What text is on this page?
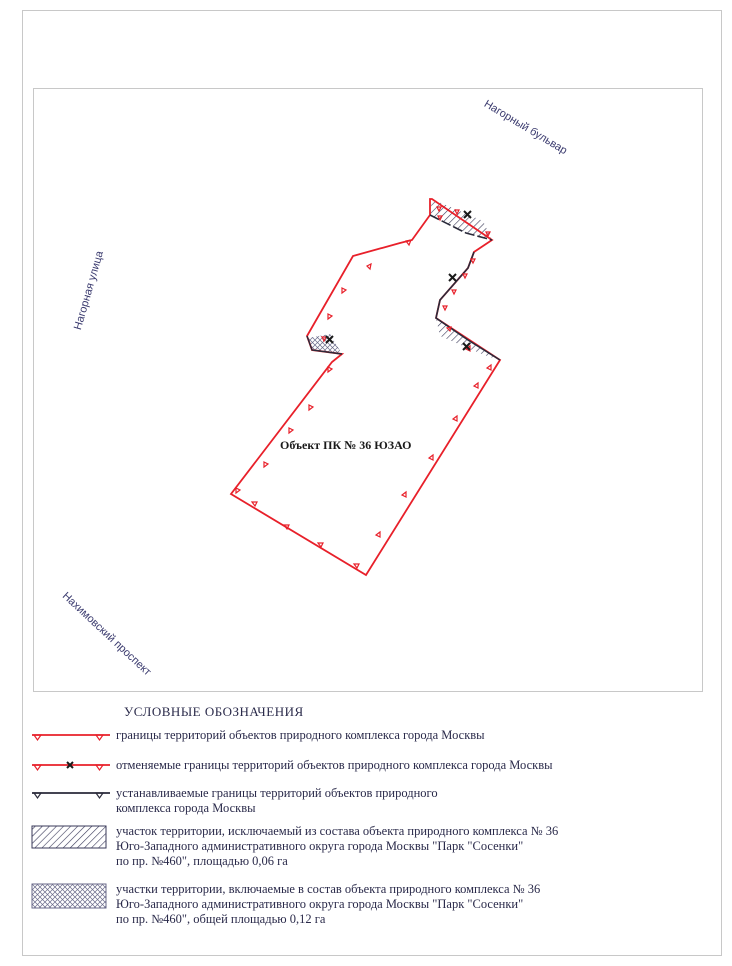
Нагорный бульвар
Нагорная улица
Нахимовский проспект
Объект ПК № 36 ЮЗАО
УСЛОВНЫЕ ОБОЗНАЧЕНИЯ
границы территорий объектов природного комплекса города Москвы
отменяемые границы территорий объектов природного комплекса города Москвы
устанавливаемые границы территорий объектов природного
комплекса города Москвы
участок территории, исключаемый из состава объекта природного комплекса № 36
Юго-Западного административного округа города Москвы "Парк "Сосенки"
по пр. №460", площадью 0,06 га
участки территории, включаемые в состав объекта природного комплекса № 36
Юго-Западного административного округа города Москвы "Парк "Сосенки"
по пр. №460", общей площадью 0,12 га
